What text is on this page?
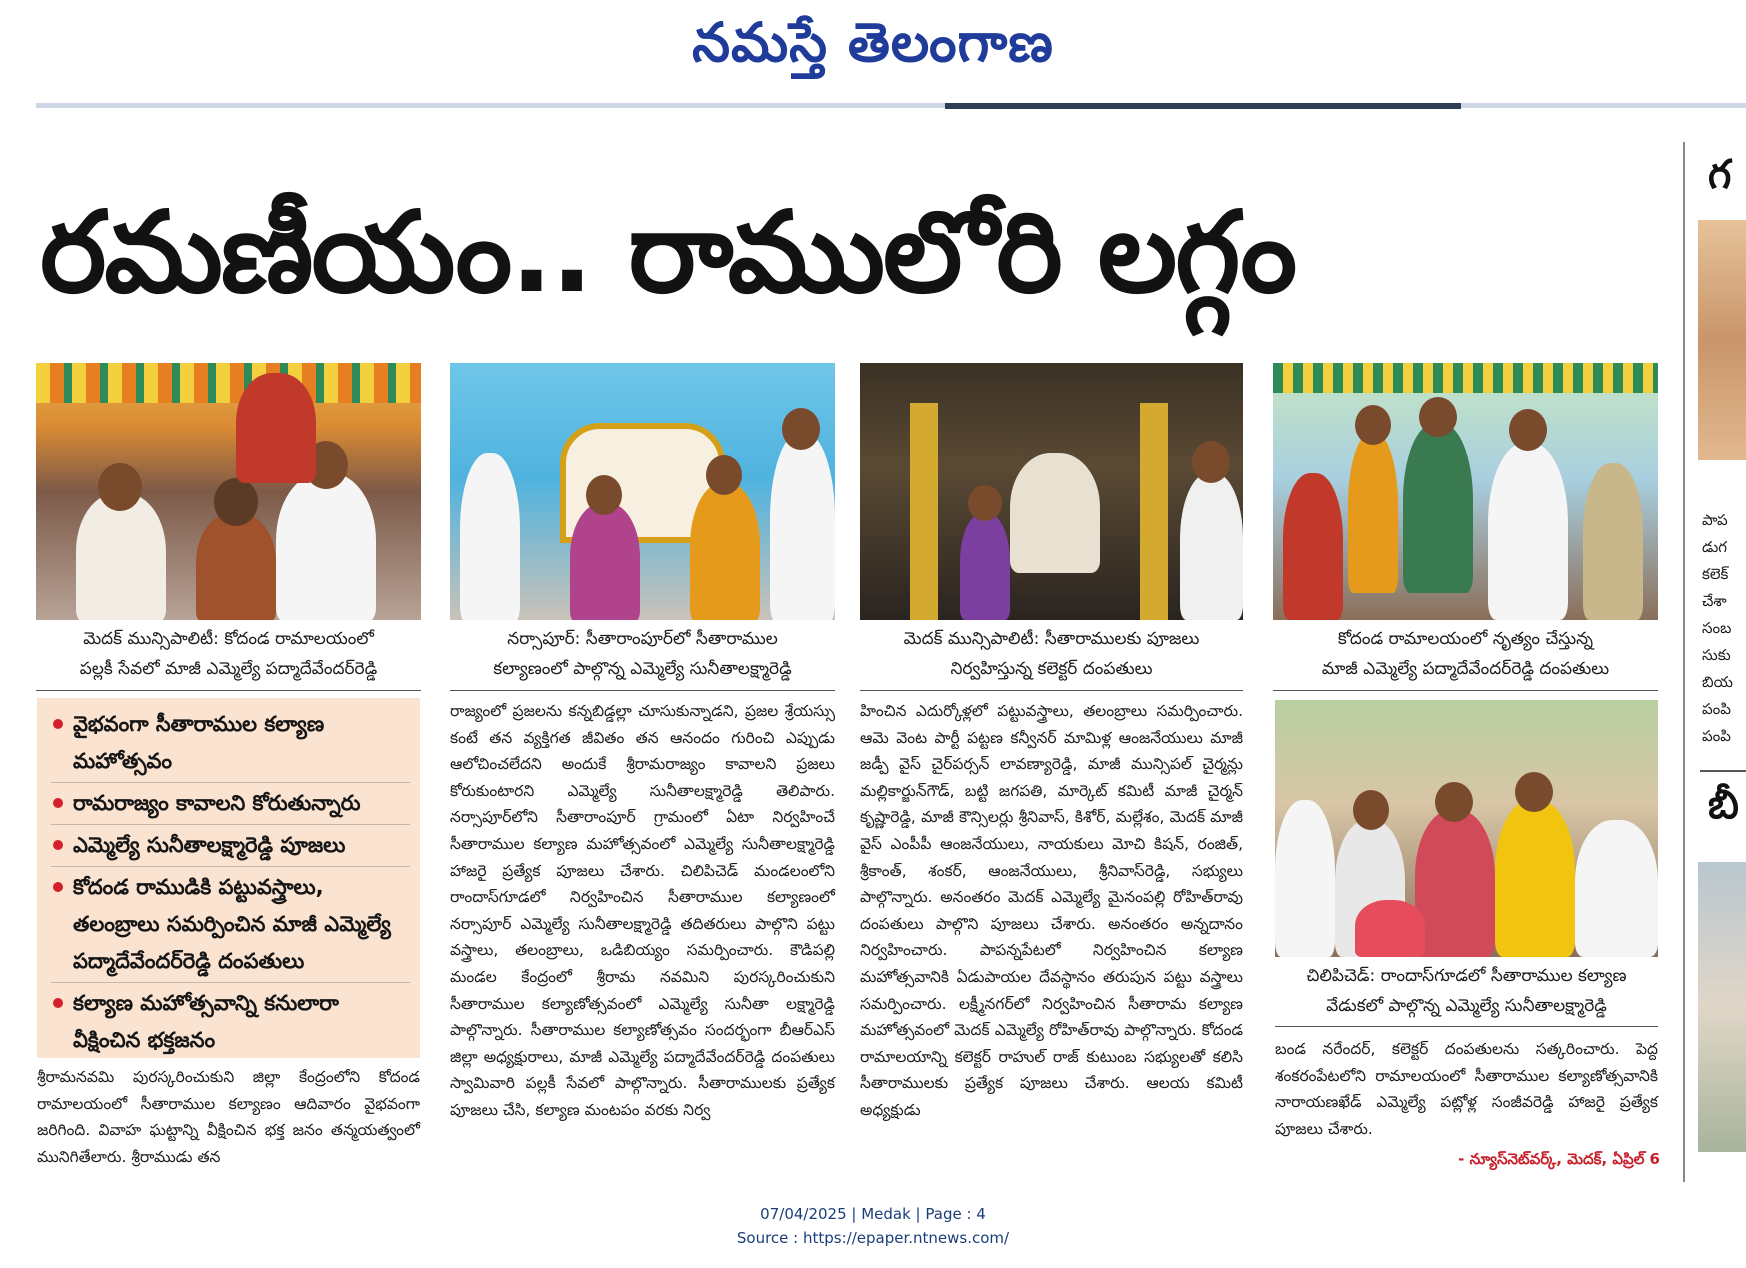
నమస్తే తెలంగాణ
రమణీయం.. రాములోరి లగ్గం
మెదక్ మున్సిపాలిటీ: కోదండ రామాలయంలో
పల్లకీ సేవలో మాజీ ఎమ్మెల్యే పద్మాదేవేందర్‌రెడ్డి
నర్సాపూర్: సీతారాంపూర్‌లో సీతారాముల
కల్యాణంలో పాల్గొన్న ఎమ్మెల్యే సునీతాలక్ష్మారెడ్డి
మెదక్ మున్సిపాలిటీ: సీతారాములకు పూజలు
నిర్వహిస్తున్న కలెక్టర్ దంపతులు
కోదండ రామాలయంలో నృత్యం చేస్తున్న
మాజీ ఎమ్మెల్యే పద్మాదేవేందర్‌రెడ్డి దంపతులు
చిలిపిచెడ్: రాందాస్‌గూడలో సీతారాముల కల్యాణ
వేడుకలో పాల్గొన్న ఎమ్మెల్యే సునీతాలక్ష్మారెడ్డి
వైభవంగా సీతారాముల కల్యాణ మహోత్సవం
రామరాజ్యం కావాలని కోరుతున్నారు
ఎమ్మెల్యే సునీతాలక్ష్మారెడ్డి పూజలు
కోదండ రాముడికి పట్టువస్త్రాలు, తలంబ్రాలు సమర్పించిన మాజీ ఎమ్మెల్యే పద్మాదేవేందర్‌రెడ్డి దంపతులు
కల్యాణ మహోత్సవాన్ని కనులారా వీక్షించిన భక్తజనం
శ్రీరామనవమి పురస్కరించుకుని జిల్లా కేంద్రంలోని కోదండ రామాలయంలో సీతారాముల కల్యాణం ఆదివారం వైభవంగా జరిగింది. వివాహ ఘట్టాన్ని వీక్షించిన భక్త జనం తన్మయత్వంలో మునిగితేలారు. శ్రీరాముడు తన
రాజ్యంలో ప్రజలను కన్నబిడ్డల్లా చూసుకున్నాడని, ప్రజల శ్రేయస్సు కంటే తన వ్యక్తిగత జీవితం తన ఆనందం గురించి ఎప్పుడు ఆలోచించలేదని అందుకే శ్రీరామరాజ్యం కావాలని ప్రజలు కోరుకుంటారని ఎమ్మెల్యే సునీతాలక్ష్మారెడ్డి తెలిపారు. నర్సాపూర్‌లోని సీతారాంపూర్ గ్రామంలో ఏటా నిర్వహించే సీతారాముల కల్యాణ మహోత్సవంలో ఎమ్మెల్యే సునీతాలక్ష్మారెడ్డి హాజరై ప్రత్యేక పూజలు చేశారు. చిలిపిచెడ్ మండలంలోని రాందాస్‌గూడలో నిర్వహించిన సీతారాముల కల్యాణంలో నర్సాపూర్ ఎమ్మెల్యే సునీతాలక్ష్మారెడ్డి తదితరులు పాల్గొని పట్టు వస్త్రాలు, తలంబ్రాలు, ఒడిబియ్యం సమర్పించారు. కౌడిపల్లి మండల కేంద్రంలో శ్రీరామ నవమిని పురస్కరించుకుని సీతారాముల కల్యాణోత్సవంలో ఎమ్మెల్యే సునీతా లక్ష్మారెడ్డి పాల్గొన్నారు. సీతారాముల కల్యాణోత్సవం సందర్భంగా బీఆర్‌ఎస్ జిల్లా అధ్యక్షురాలు, మాజీ ఎమ్మెల్యే పద్మాదేవేందర్‌రెడ్డి దంపతులు స్వామివారి పల్లకీ సేవలో పాల్గొన్నారు. సీతారాములకు ప్రత్యేక పూజలు చేసి, కల్యాణ మంటపం వరకు నిర్వ
హించిన ఎదుర్కోళ్లలో పట్టువస్త్రాలు, తలంబ్రాలు సమర్పించారు. ఆమె వెంట పార్టీ పట్టణ కన్వీనర్ మామిళ్ల ఆంజనేయులు మాజీ జడ్పీ వైస్ చైర్‌పర్సన్ లావణ్యారెడ్డి, మాజీ మున్సిపల్ చైర్మన్లు మల్లికార్జున్‌గౌడ్, బట్టి జగపతి, మార్కెట్ కమిటీ మాజీ చైర్మన్ కృష్ణారెడ్డి, మాజీ కౌన్సిలర్లు శ్రీనివాస్, కిశోర్, మల్లేశం, మెదక్ మాజీ వైస్ ఎంపీపీ ఆంజనేయులు, నాయకులు మోచి కిషన్, రంజిత్, శ్రీకాంత్, శంకర్, ఆంజనేయులు, శ్రీనివాస్‌రెడ్డి, సభ్యులు పాల్గొన్నారు. అనంతరం మెదక్ ఎమ్మెల్యే మైనంపల్లి రోహిత్‌రావు దంపతులు పాల్గొని పూజలు చేశారు. అనంతరం అన్నదానం నిర్వహించారు. పాపన్నపేటలో నిర్వహించిన కల్యాణ మహోత్సవానికి ఏడుపాయల దేవస్థానం తరుపున పట్టు వస్త్రాలు సమర్పించారు. లక్ష్మీనగర్‌లో నిర్వహించిన సీతారామ కల్యాణ మహోత్సవంలో మెదక్ ఎమ్మెల్యే రోహిత్‌రావు పాల్గొన్నారు. కోదండ రామాలయాన్ని కలెక్టర్ రాహుల్ రాజ్ కుటుంబ సభ్యులతో కలిసి సీతారాములకు ప్రత్యేక పూజలు చేశారు. ఆలయ కమిటీ అధ్యక్షుడు
బండ నరేందర్, కలెక్టర్ దంపతులను సత్కరించారు. పెద్ద శంకరంపేటలోని రామాలయంలో సీతారాముల కల్యాణోత్సవానికి నారాయణఖేడ్ ఎమ్మెల్యే పట్లోళ్ల సంజీవరెడ్డి హాజరై ప్రత్యేక పూజలు చేశారు.
- న్యూస్‌నెట్‌వర్క్, మెదక్, ఏప్రిల్ 6
గ
పాప
డుగ
కలెక్
చేశా
సంబ
సుకు
బియ
పంపి
పంపి
బీ
07/04/2025 | Medak | Page : 4
Source : https://epaper.ntnews.com/
